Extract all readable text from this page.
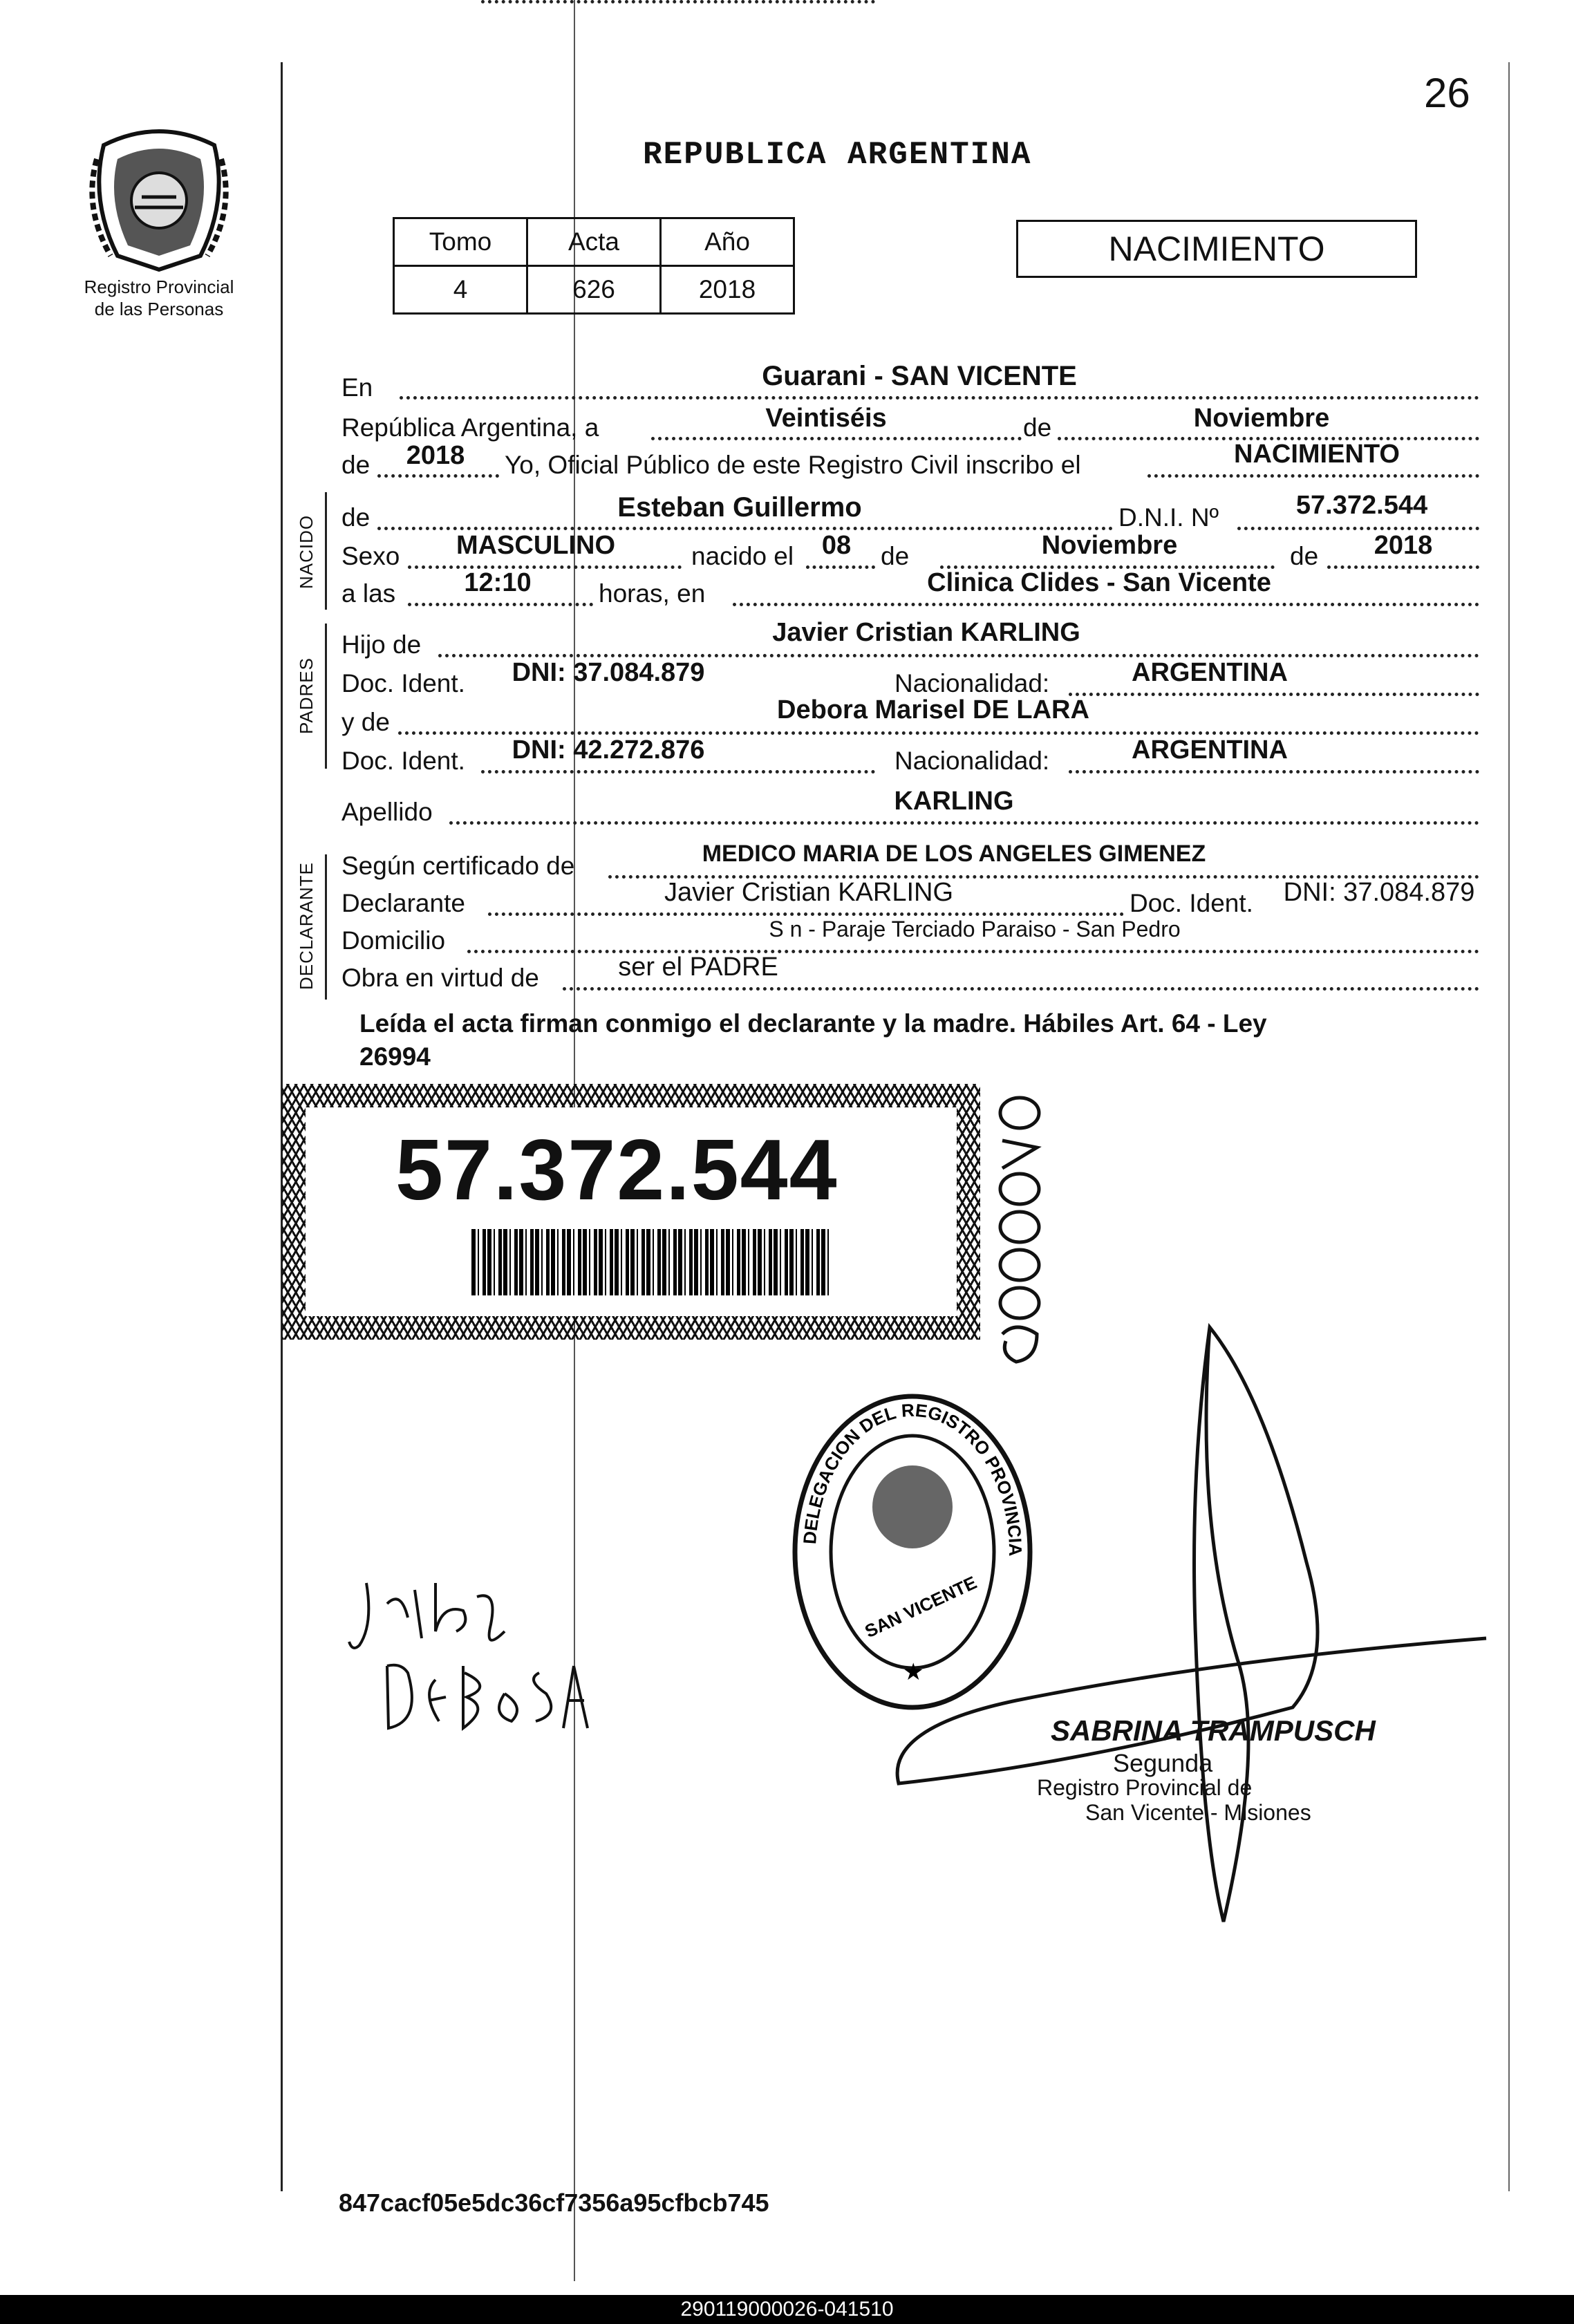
26
Registro Provincial
de las Personas
REPUBLICA ARGENTINA
Tomo	Acta	Año
4	626	2018
NACIMIENTO
En	Guarani - SAN VICENTE
República Argentina, a	Veintiséis	de	Noviembre
de	2018	Yo, Oficial Público de este Registro Civil inscribo el	NACIMIENTO
NACIDO de	Esteban Guillermo	D.N.I. Nº	57.372.544
Sexo	MASCULINO	nacido el	08	de	Noviembre	de	2018
a las	12:10	horas, en	Clinica Clides - San Vicente
PADRES
Hijo de	Javier Cristian KARLING
Doc. Ident.	DNI: 37.084.879	Nacionalidad:	ARGENTINA
y de	Debora Marisel DE LARA
Doc. Ident.	DNI: 42.272.876	Nacionalidad:	ARGENTINA
Apellido	KARLING
DECLARANTE Según certificado de	MEDICO MARIA DE LOS ANGELES GIMENEZ
Declarante	Javier Cristian KARLING	Doc. Ident.	DNI: 37.084.879
Domicilio	S n - Paraje Terciado Paraiso - San Pedro
Obra en virtud de	ser el PADRE
Leída el acta firman conmigo el declarante y la madre. Hábiles Art. 64 - Ley
26994
57.372.544
DELEGACION DEL REGISTRO PROVINCIA
SAN VICENTE
★
SABRINA TRAMPUSCH
Segunda
Registro Provincial de
San Vicente - Misiones
847cacf05e5dc36cf7356a95cfbcb745
290119000026-041510
